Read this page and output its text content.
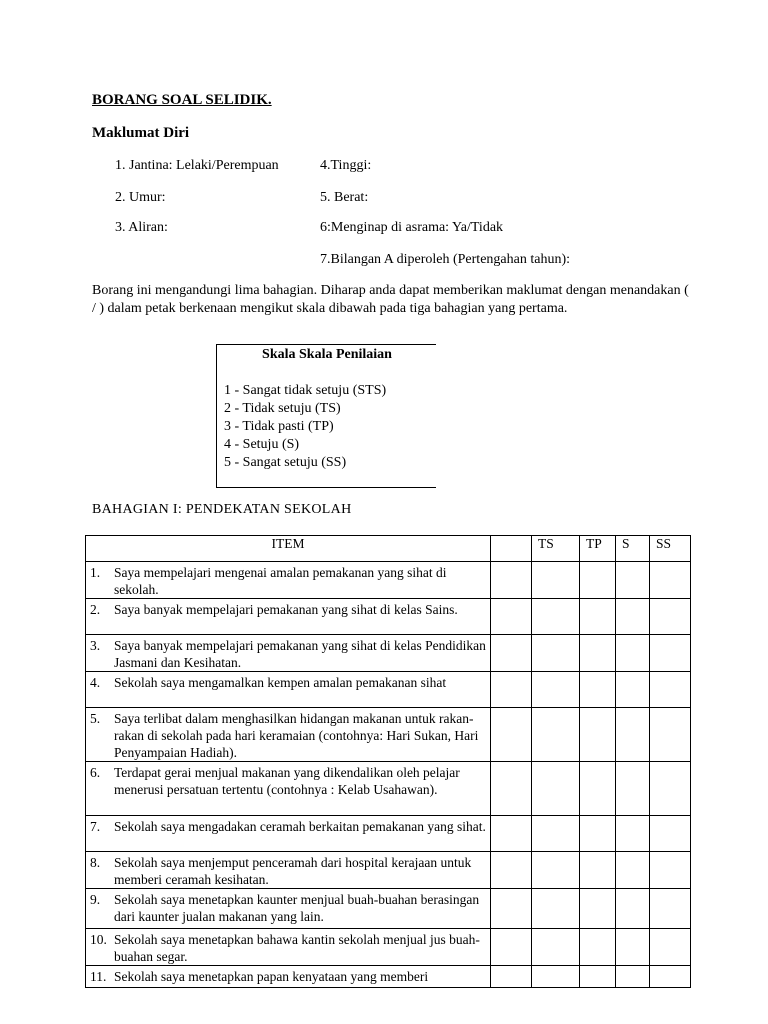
BORANG SOAL SELIDIK.
Maklumat Diri
1. Jantina: Lelaki/Perempuan
2. Umur:
3. Aliran:
4.Tinggi:
5. Berat:
6:Menginap di asrama: Ya/Tidak
7.Bilangan A diperoleh (Pertengahan tahun):
Borang ini mengandungi lima bahagian. Diharap anda dapat memberikan maklumat dengan menandakan ( / ) dalam petak berkenaan mengikut skala dibawah pada tiga bahagian yang pertama.
Skala Skala Penilaian
1 - Sangat tidak setuju (STS)
2 - Tidak setuju (TS)
3 - Tidak pasti (TP)
4 - Setuju (S)
5 - Sangat setuju (SS)
BAHAGIAN I: PENDEKATAN SEKOLAH
ITEM		TS	TP	S	SS

1. Saya mempelajari mengenai amalan pemakanan yang sihat di sekolah.					

2. Saya banyak mempelajari pemakanan yang sihat di kelas Sains.					

3. Saya banyak mempelajari pemakanan yang sihat di kelas Pendidikan Jasmani dan Kesihatan.					

4. Sekolah saya mengamalkan kempen amalan pemakanan sihat					

5. Saya terlibat dalam menghasilkan hidangan makanan untuk rakan-rakan di sekolah pada hari keramaian (contohnya: Hari Sukan, Hari Penyampaian Hadiah).					

6. Terdapat gerai menjual makanan yang dikendalikan oleh pelajar menerusi persatuan tertentu (contohnya : Kelab Usahawan).					

7. Sekolah saya mengadakan ceramah berkaitan pemakanan yang sihat.					

8. Sekolah saya menjemput penceramah dari hospital kerajaan untuk memberi ceramah kesihatan.					

9. Sekolah saya menetapkan kaunter menjual buah-buahan berasingan dari kaunter jualan makanan yang lain.					

10. Sekolah saya menetapkan bahawa kantin sekolah menjual jus buah-buahan segar.					

11. Sekolah saya menetapkan papan kenyataan yang memberi					
